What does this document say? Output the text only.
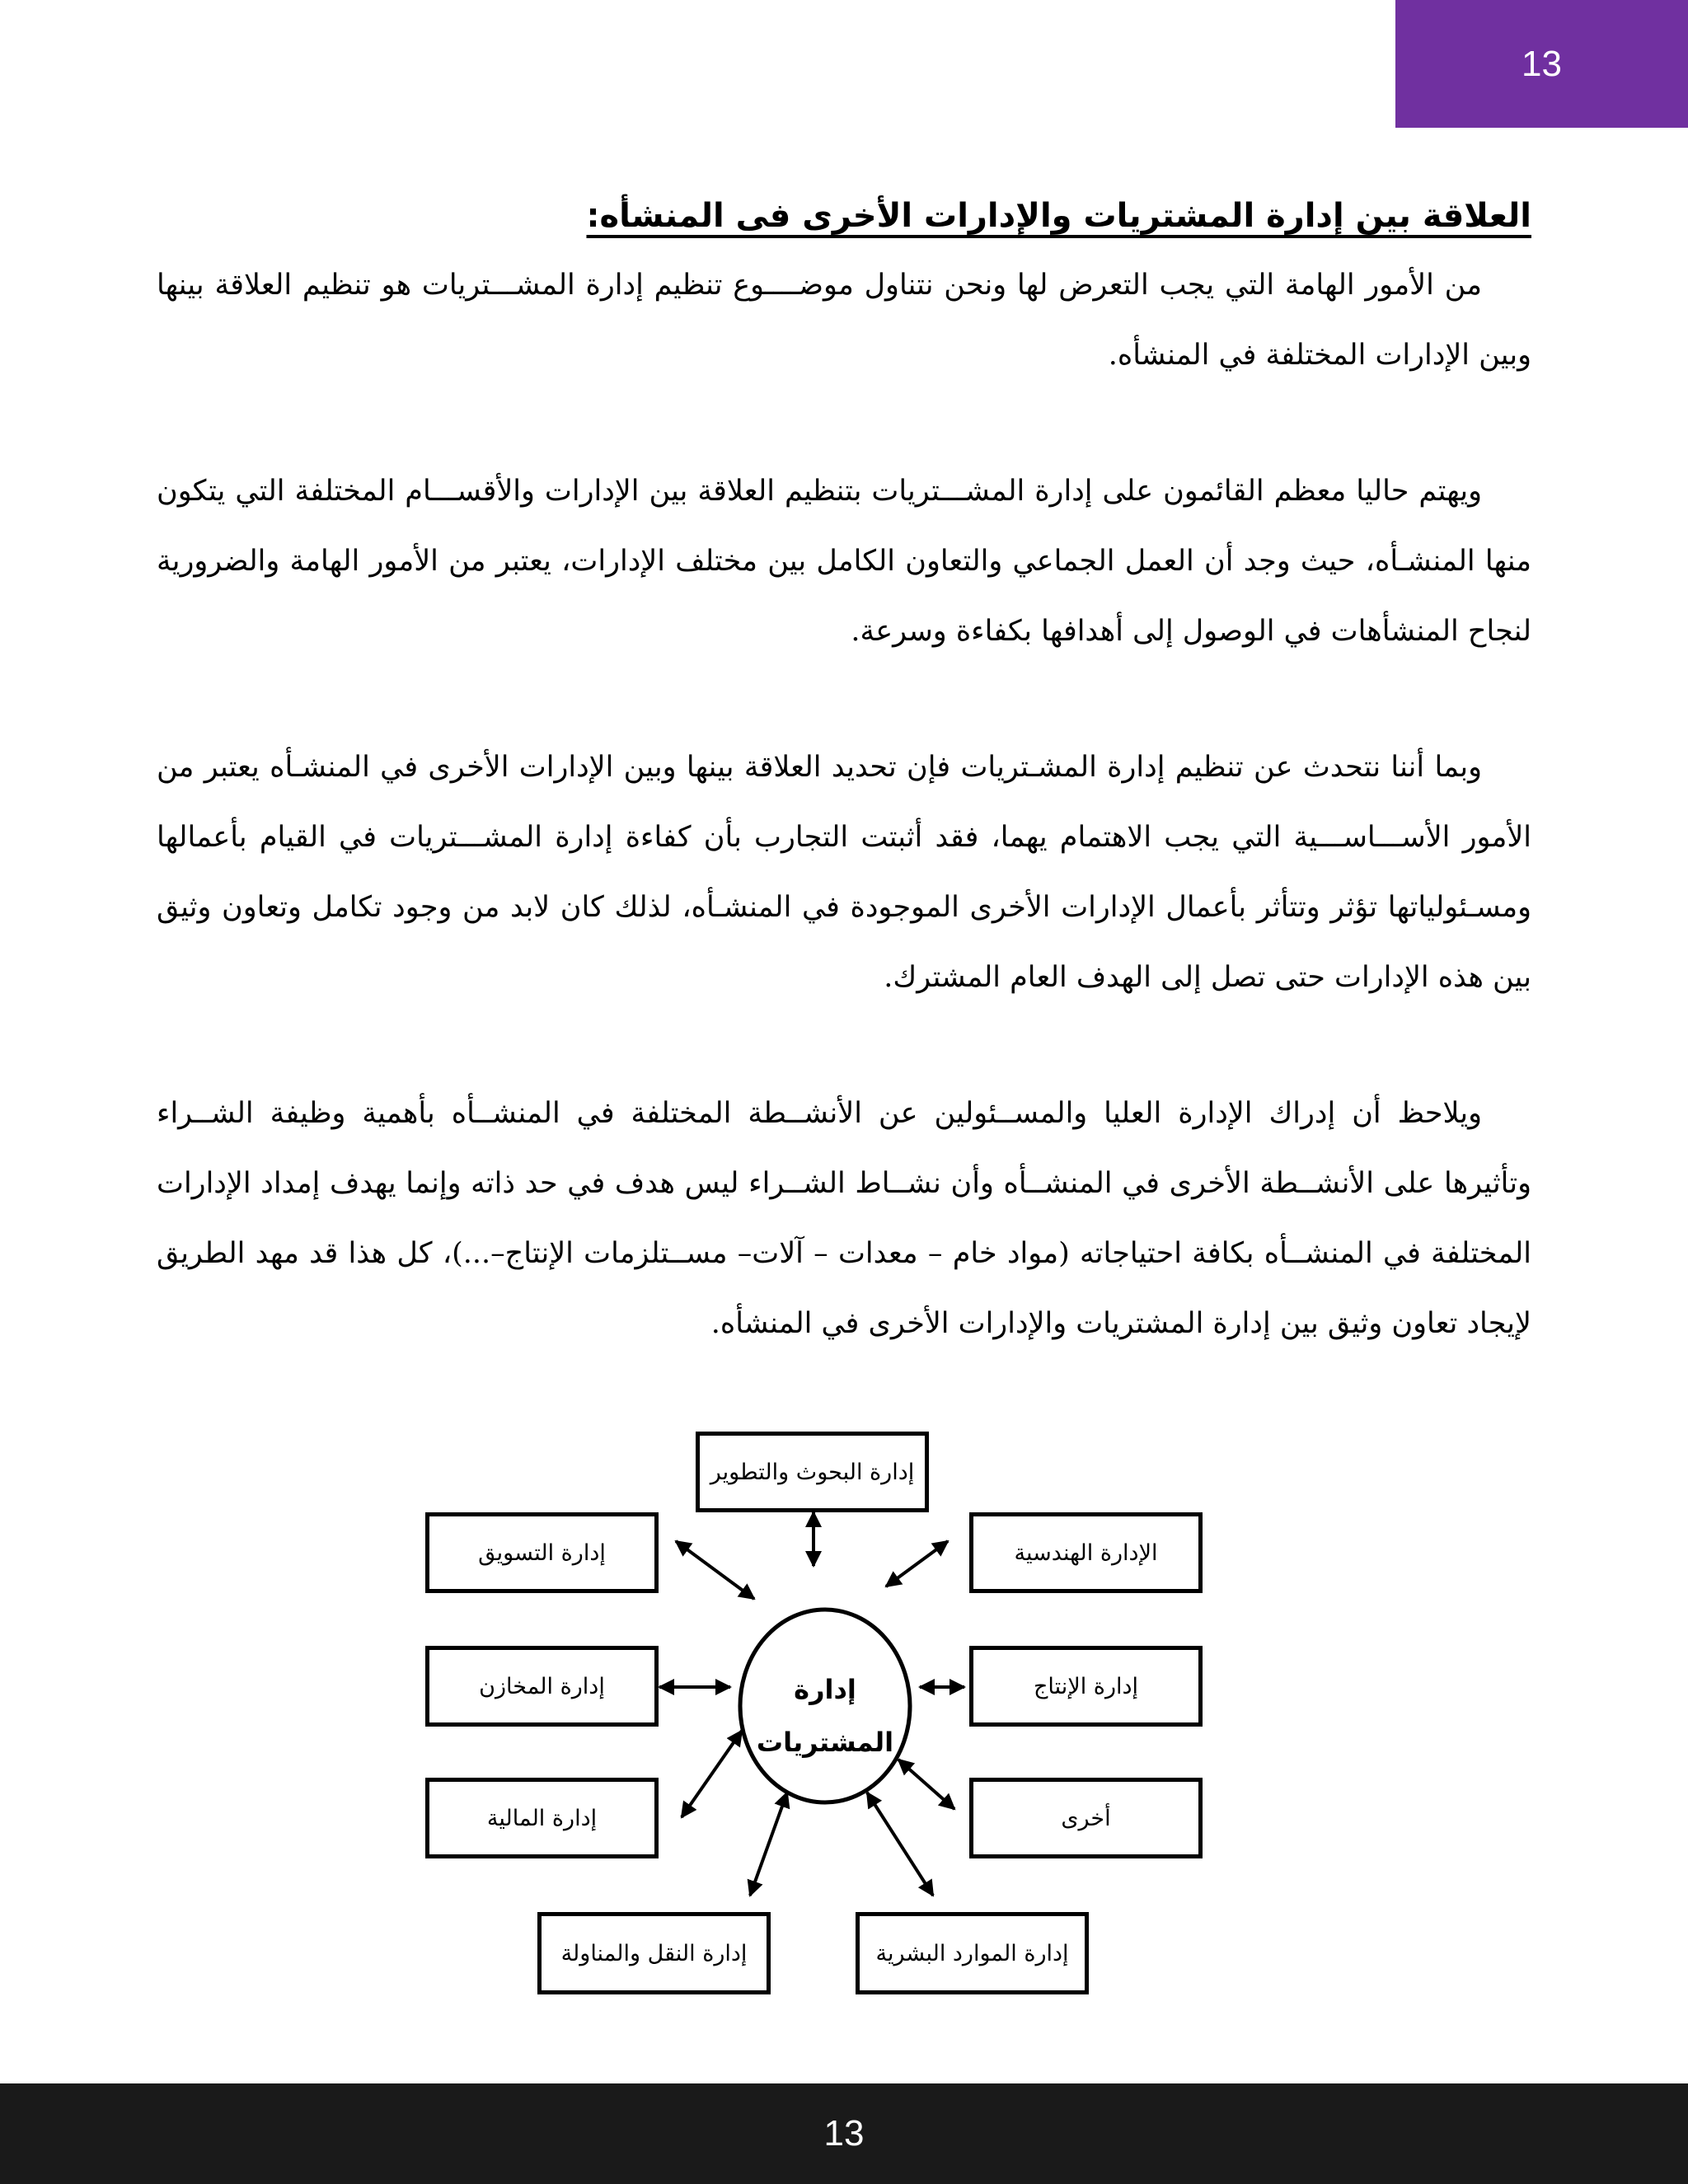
13
العلاقة بين إدارة المشتريات والإدارات الأخرى فى المنشأه:

من الأمور الهامة التي يجب التعرض لها ونحن نتناول موضــــوع تنظيم إدارة المشـــتريات هو تنظيم العلاقة بينها وبين الإدارات المختلفة في المنشأه.

ويهتم حاليا معظم القائمون على إدارة المشـــتريات بتنظيم العلاقة بين الإدارات والأقســـام المختلفة التي يتكون منها المنشـأه، حيث وجد أن العمل الجماعي والتعاون الكامل بين مختلف الإدارات، يعتبر من الأمور الهامة والضرورية لنجاح المنشأهات في الوصول إلى أهدافها بكفاءة وسرعة.

وبما أننا نتحدث عن تنظيم إدارة المشـتريات فإن تحديد العلاقة بينها وبين الإدارات الأخرى في المنشـأه يعتبر من الأمور الأســـاســـية التي يجب الاهتمام يهما، فقد أثبتت التجارب بأن كفاءة إدارة المشـــتريات في القيام بأعمالها ومسـئولياتها تؤثر وتتأثر بأعمال الإدارات الأخرى الموجودة في المنشـأه، لذلك كان لابد من وجود تكامل وتعاون وثيق بين هذه الإدارات حتى تصل إلى الهدف العام المشترك.

ويلاحظ أن إدراك الإدارة العليا والمســئولين عن الأنشــطة المختلفة في المنشــأه بأهمية وظيفة الشــراء وتأثيرها على الأنشــطة الأخرى في المنشــأه وأن نشــاط الشــراء ليس هدف في حد ذاته وإنما يهدف إمداد الإدارات المختلفة في المنشــأه بكافة احتياجاته (مواد خام – معدات – آلات– مســتلزمات الإنتاج–...)، كل هذا قد مهد الطريق لإيجاد تعاون وثيق بين إدارة المشتريات والإدارات الأخرى في المنشأه.

إدارة
المشتريات
إدارة البحوث والتطوير
إدارة التسويق	الإدارة الهندسية
إدارة المخازن	إدارة الإنتاج
إدارة المالية	أخرى
إدارة النقل والمناولة	إدارة الموارد البشرية
13
